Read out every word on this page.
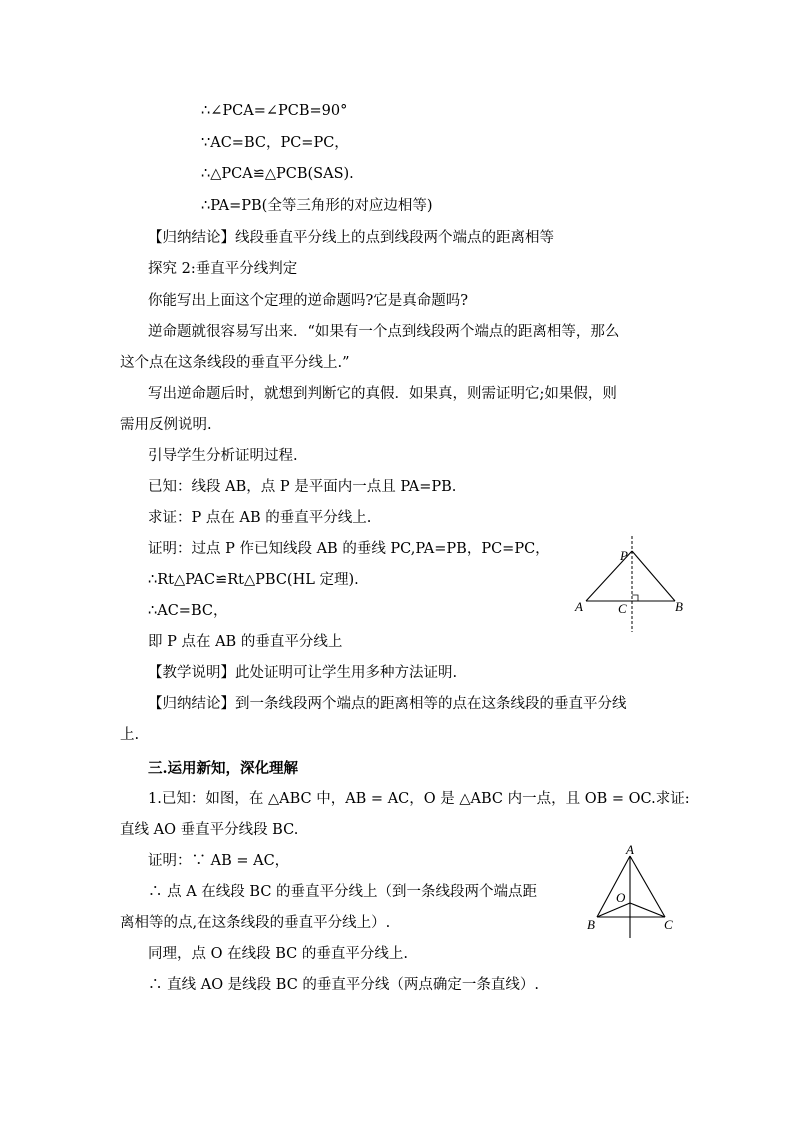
∴∠PCA=∠PCB=90°
∵AC=BC，PC=PC，
∴△PCA≌△PCB(SAS).
∴PA=PB(全等三角形的对应边相等)
【归纳结论】线段垂直平分线上的点到线段两个端点的距离相等
探究 2:垂直平分线判定
你能写出上面这个定理的逆命题吗?它是真命题吗?
逆命题就很容易写出来．“如果有一个点到线段两个端点的距离相等，那么
这个点在这条线段的垂直平分线上.”
写出逆命题后时，就想到判断它的真假．如果真，则需证明它;如果假，则
需用反例说明.
引导学生分析证明过程.
已知：线段 AB，点 P 是平面内一点且 PA=PB.
求证：P 点在 AB 的垂直平分线上.
证明：过点 P 作已知线段 AB 的垂线 PC,PA=PB，PC=PC，
∴Rt△PAC≌Rt△PBC(HL 定理).
∴AC=BC，
即 P 点在 AB 的垂直平分线上
【教学说明】此处证明可让学生用多种方法证明.
【归纳结论】到一条线段两个端点的距离相等的点在这条线段的垂直平分线
上.
三.运用新知，深化理解
1.已知：如图，在 △ABC 中，AB = AC，O 是 △ABC 内一点，且 OB = OC.求证:
直线 AO 垂直平分线段 BC.
证明：∵ AB = AC，
∴ 点 A 在线段 BC 的垂直平分线上（到一条线段两个端点距
离相等的点,在这条线段的垂直平分线上）.
同理，点 O 在线段 BC 的垂直平分线上.
∴ 直线 AO 是线段 BC 的垂直平分线（两点确定一条直线）.
P
A	C	B
A
O
B	C
